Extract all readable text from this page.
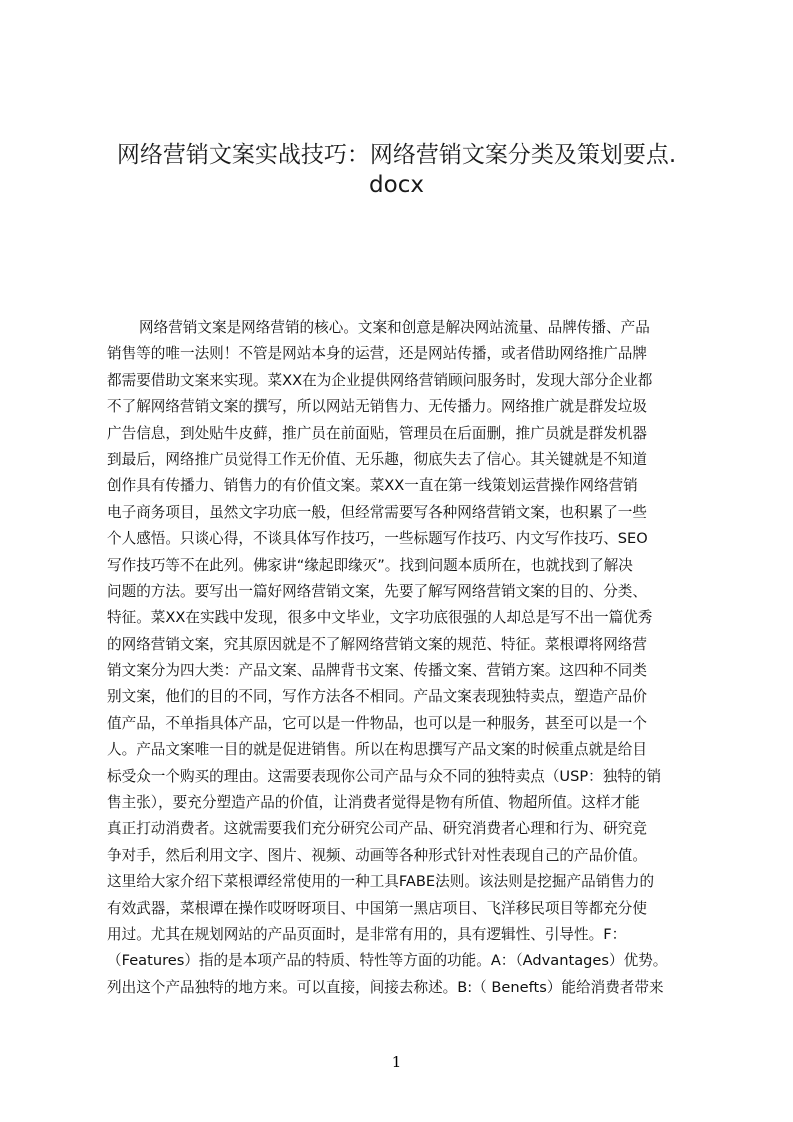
网络营销文案实战技巧：网络营销文案分类及策划要点.
docx
网络营销文案是网络营销的核心。文案和创意是解决网站流量、品牌传播、产品
销售等的唯一法则！不管是网站本身的运营，还是网站传播，或者借助网络推广品牌
都需要借助文案来实现。菜XX在为企业提供网络营销顾问服务时，发现大部分企业都
不了解网络营销文案的撰写，所以网站无销售力、无传播力。网络推广就是群发垃圾
广告信息，到处贴牛皮藓，推广员在前面贴，管理员在后面删，推广员就是群发机器
到最后，网络推广员觉得工作无价值、无乐趣，彻底失去了信心。其关键就是不知道
创作具有传播力、销售力的有价值文案。菜XX一直在第一线策划运营操作网络营销
电子商务项目，虽然文字功底一般，但经常需要写各种网络营销文案，也积累了一些
个人感悟。只谈心得，不谈具体写作技巧，一些标题写作技巧、内文写作技巧、SEO
写作技巧等不在此列。佛家讲“缘起即缘灭”。找到问题本质所在，也就找到了解决
问题的方法。要写出一篇好网络营销文案，先要了解写网络营销文案的目的、分类、
特征。菜XX在实践中发现，很多中文毕业，文字功底很强的人却总是写不出一篇优秀
的网络营销文案，究其原因就是不了解网络营销文案的规范、特征。菜根谭将网络营
销文案分为四大类：产品文案、品牌背书文案、传播文案、营销方案。这四种不同类
别文案，他们的目的不同，写作方法各不相同。产品文案表现独特卖点，塑造产品价
值产品，不单指具体产品，它可以是一件物品，也可以是一种服务，甚至可以是一个
人。产品文案唯一目的就是促进销售。所以在构思撰写产品文案的时候重点就是给目
标受众一个购买的理由。这需要表现你公司产品与众不同的独特卖点（USP：独特的销
售主张），要充分塑造产品的价值，让消费者觉得是物有所值、物超所值。这样才能
真正打动消费者。这就需要我们充分研究公司产品、研究消费者心理和行为、研究竞
争对手，然后利用文字、图片、视频、动画等各种形式针对性表现自己的产品价值。
这里给大家介绍下菜根谭经常使用的一种工具FABE法则。该法则是挖掘产品销售力的
有效武器，菜根谭在操作哎呀呀项目、中国第一黑店项目、飞洋移民项目等都充分使
用过。尤其在规划网站的产品页面时，是非常有用的，具有逻辑性、引导性。F：
（Features）指的是本项产品的特质、特性等方面的功能。A：（Advantages）优势。
列出这个产品独特的地方来。可以直接，间接去称述。B:（ Benefts）能给消费者带来
1
